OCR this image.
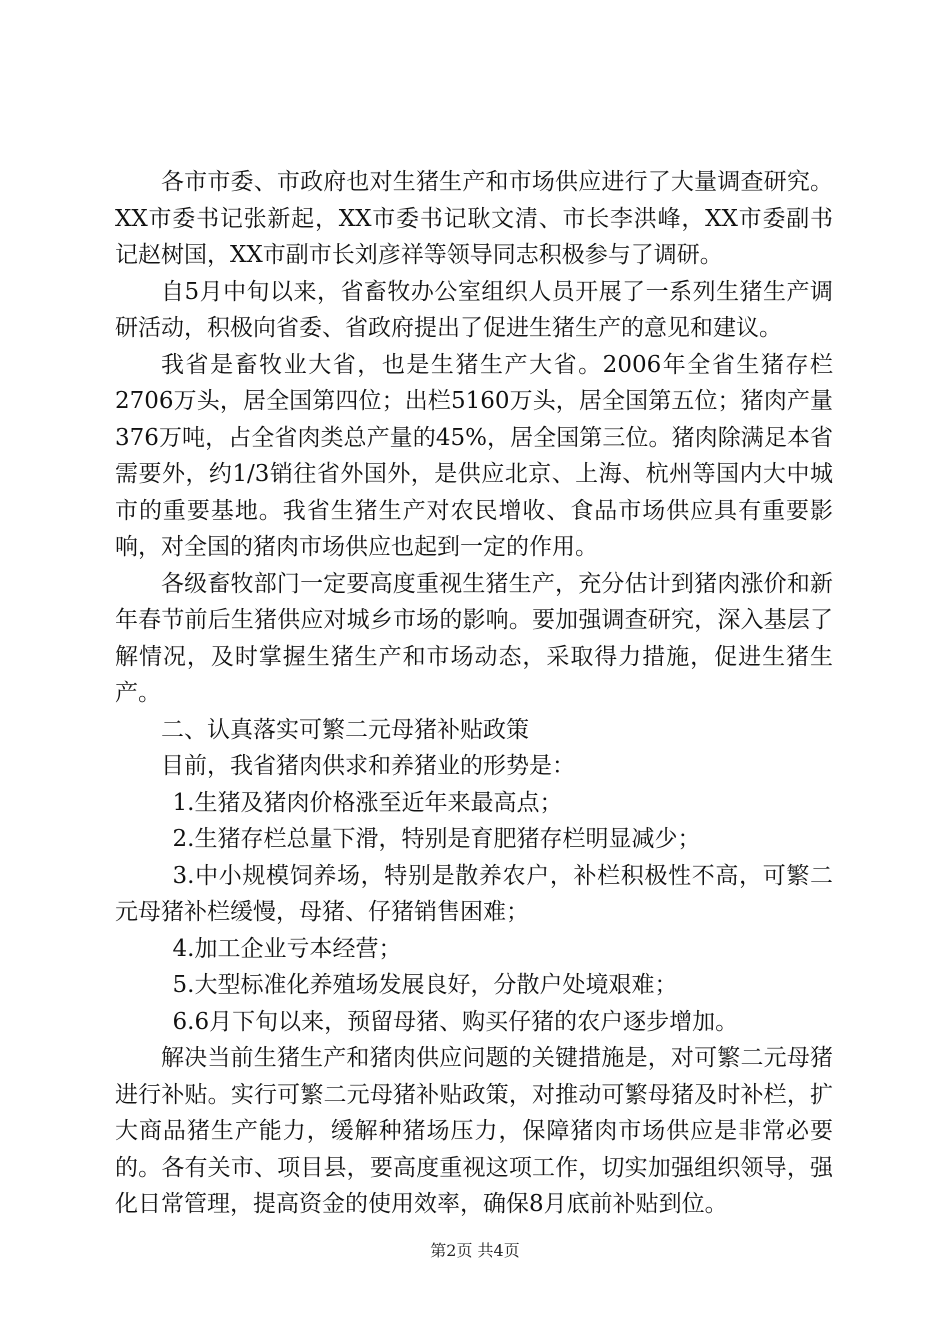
各市市委、市政府也对生猪生产和市场供应进行了大量调查研究。XX市委书记张新起，XX市委书记耿文清、市长李洪峰，XX市委副书记赵树国，XX市副市长刘彦祥等领导同志积极参与了调研。

自5月中旬以来，省畜牧办公室组织人员开展了一系列生猪生产调研活动，积极向省委、省政府提出了促进生猪生产的意见和建议。

我省是畜牧业大省，也是生猪生产大省。2006年全省生猪存栏2706万头，居全国第四位；出栏5160万头，居全国第五位；猪肉产量376万吨，占全省肉类总产量的45%，居全国第三位。猪肉除满足本省需要外，约1/3销往省外国外，是供应北京、上海、杭州等国内大中城市的重要基地。我省生猪生产对农民增收、食品市场供应具有重要影响，对全国的猪肉市场供应也起到一定的作用。

各级畜牧部门一定要高度重视生猪生产，充分估计到猪肉涨价和新年春节前后生猪供应对城乡市场的影响。要加强调查研究，深入基层了解情况，及时掌握生猪生产和市场动态，采取得力措施，促进生猪生产。

二、认真落实可繁二元母猪补贴政策

目前，我省猪肉供求和养猪业的形势是：

1.生猪及猪肉价格涨至近年来最高点；

2.生猪存栏总量下滑，特别是育肥猪存栏明显减少；

3.中小规模饲养场，特别是散养农户，补栏积极性不高，可繁二元母猪补栏缓慢，母猪、仔猪销售困难；

4.加工企业亏本经营；

5.大型标准化养殖场发展良好，分散户处境艰难；

6.6月下旬以来，预留母猪、购买仔猪的农户逐步增加。

解决当前生猪生产和猪肉供应问题的关键措施是，对可繁二元母猪进行补贴。实行可繁二元母猪补贴政策，对推动可繁母猪及时补栏，扩大商品猪生产能力，缓解种猪场压力，保障猪肉市场供应是非常必要的。各有关市、项目县，要高度重视这项工作，切实加强组织领导，强化日常管理，提高资金的使用效率，确保8月底前补贴到位。

第2页 共4页
